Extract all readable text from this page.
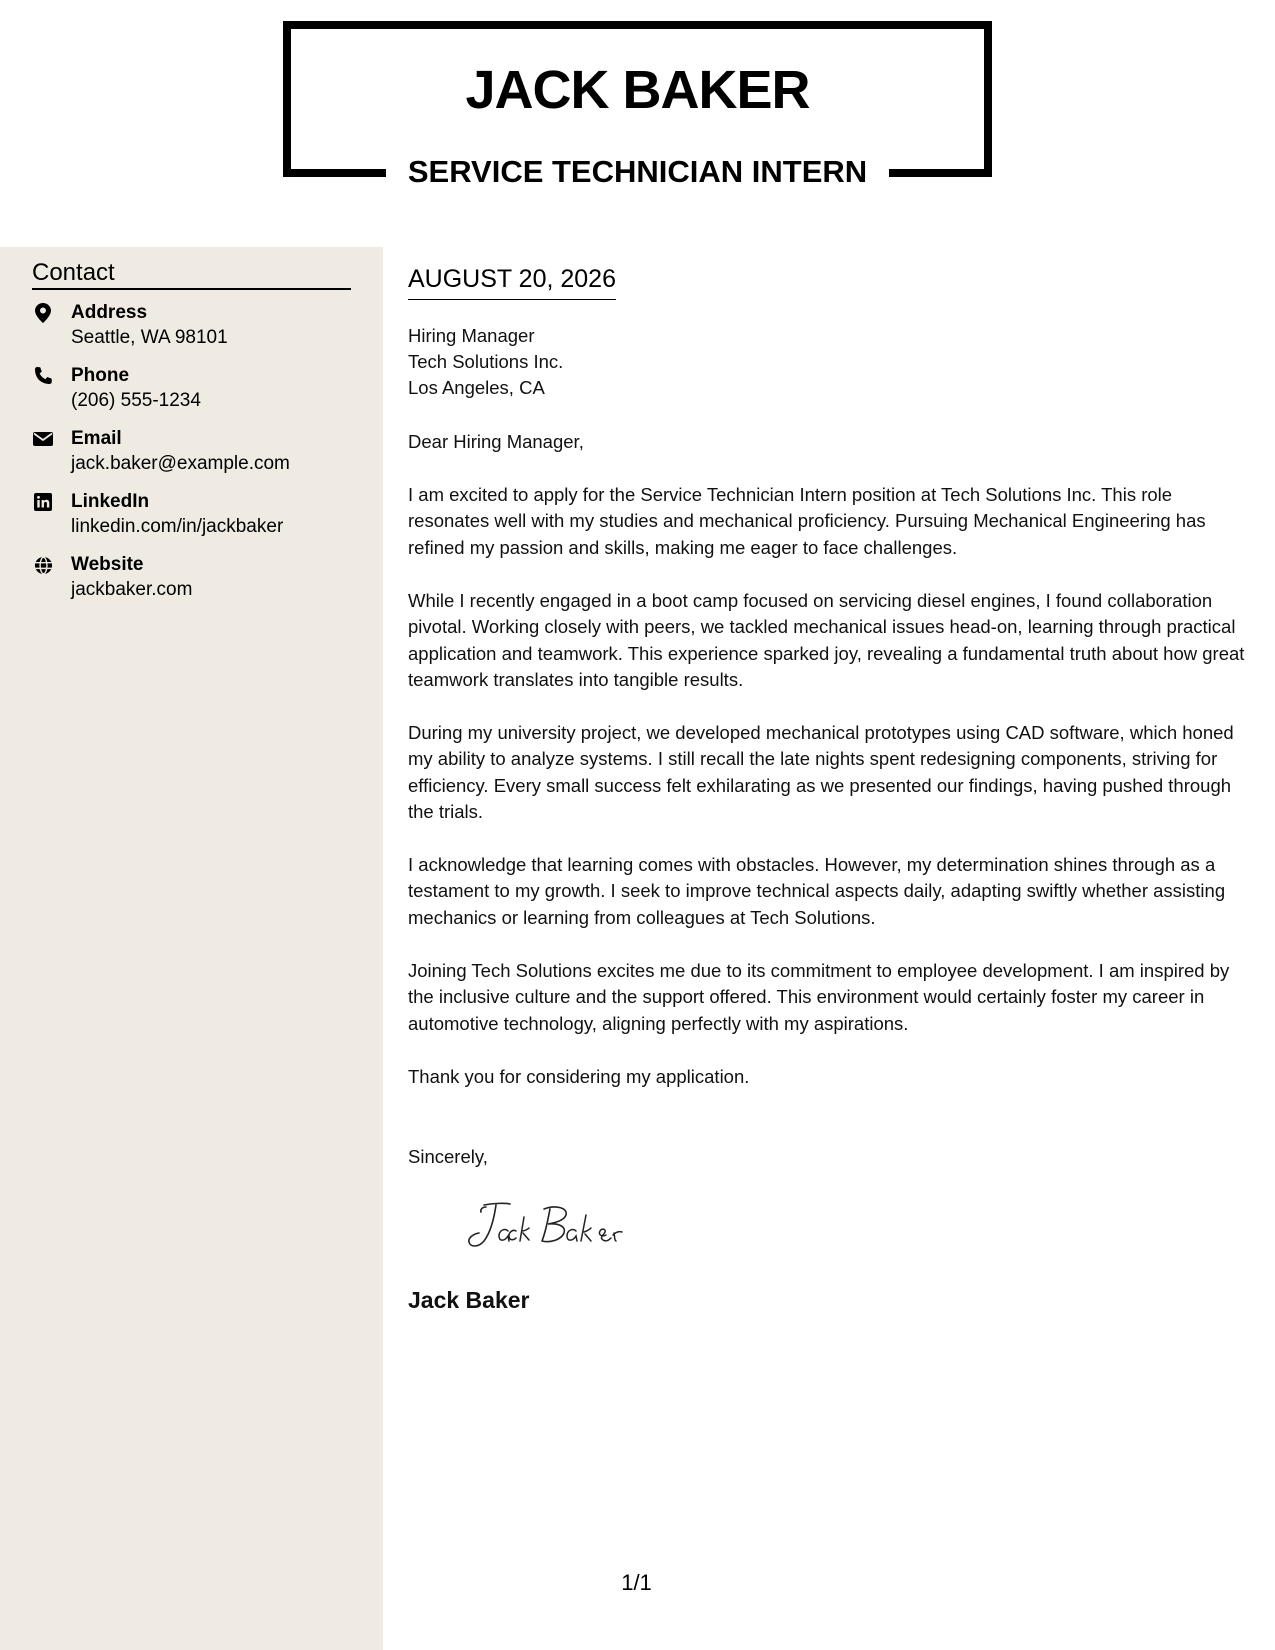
JACK BAKER
SERVICE TECHNICIAN INTERN
Contact
Address
Seattle, WA 98101
Phone
(206) 555-1234
Email
jack.baker@example.com
LinkedIn
linkedin.com/in/jackbaker
Website
jackbaker.com
AUGUST 20, 2026
Hiring Manager
Tech Solutions Inc.
Los Angeles, CA

Dear Hiring Manager,

I am excited to apply for the Service Technician Intern position at Tech Solutions Inc. This role resonates well with my studies and mechanical proficiency. Pursuing Mechanical Engineering has refined my passion and skills, making me eager to face challenges.

While I recently engaged in a boot camp focused on servicing diesel engines, I found collaboration pivotal. Working closely with peers, we tackled mechanical issues head-on, learning through practical application and teamwork. This experience sparked joy, revealing a fundamental truth about how great teamwork translates into tangible results.

During my university project, we developed mechanical prototypes using CAD software, which honed my ability to analyze systems. I still recall the late nights spent redesigning components, striving for efficiency. Every small success felt exhilarating as we presented our findings, having pushed through the trials.

I acknowledge that learning comes with obstacles. However, my determination shines through as a testament to my growth. I seek to improve technical aspects daily, adapting swiftly whether assisting mechanics or learning from colleagues at Tech Solutions.

Joining Tech Solutions excites me due to its commitment to employee development. I am inspired by the inclusive culture and the support offered. This environment would certainly foster my career in automotive technology, aligning perfectly with my aspirations.

Thank you for considering my application.

Sincerely,

Jack Baker
1/1
